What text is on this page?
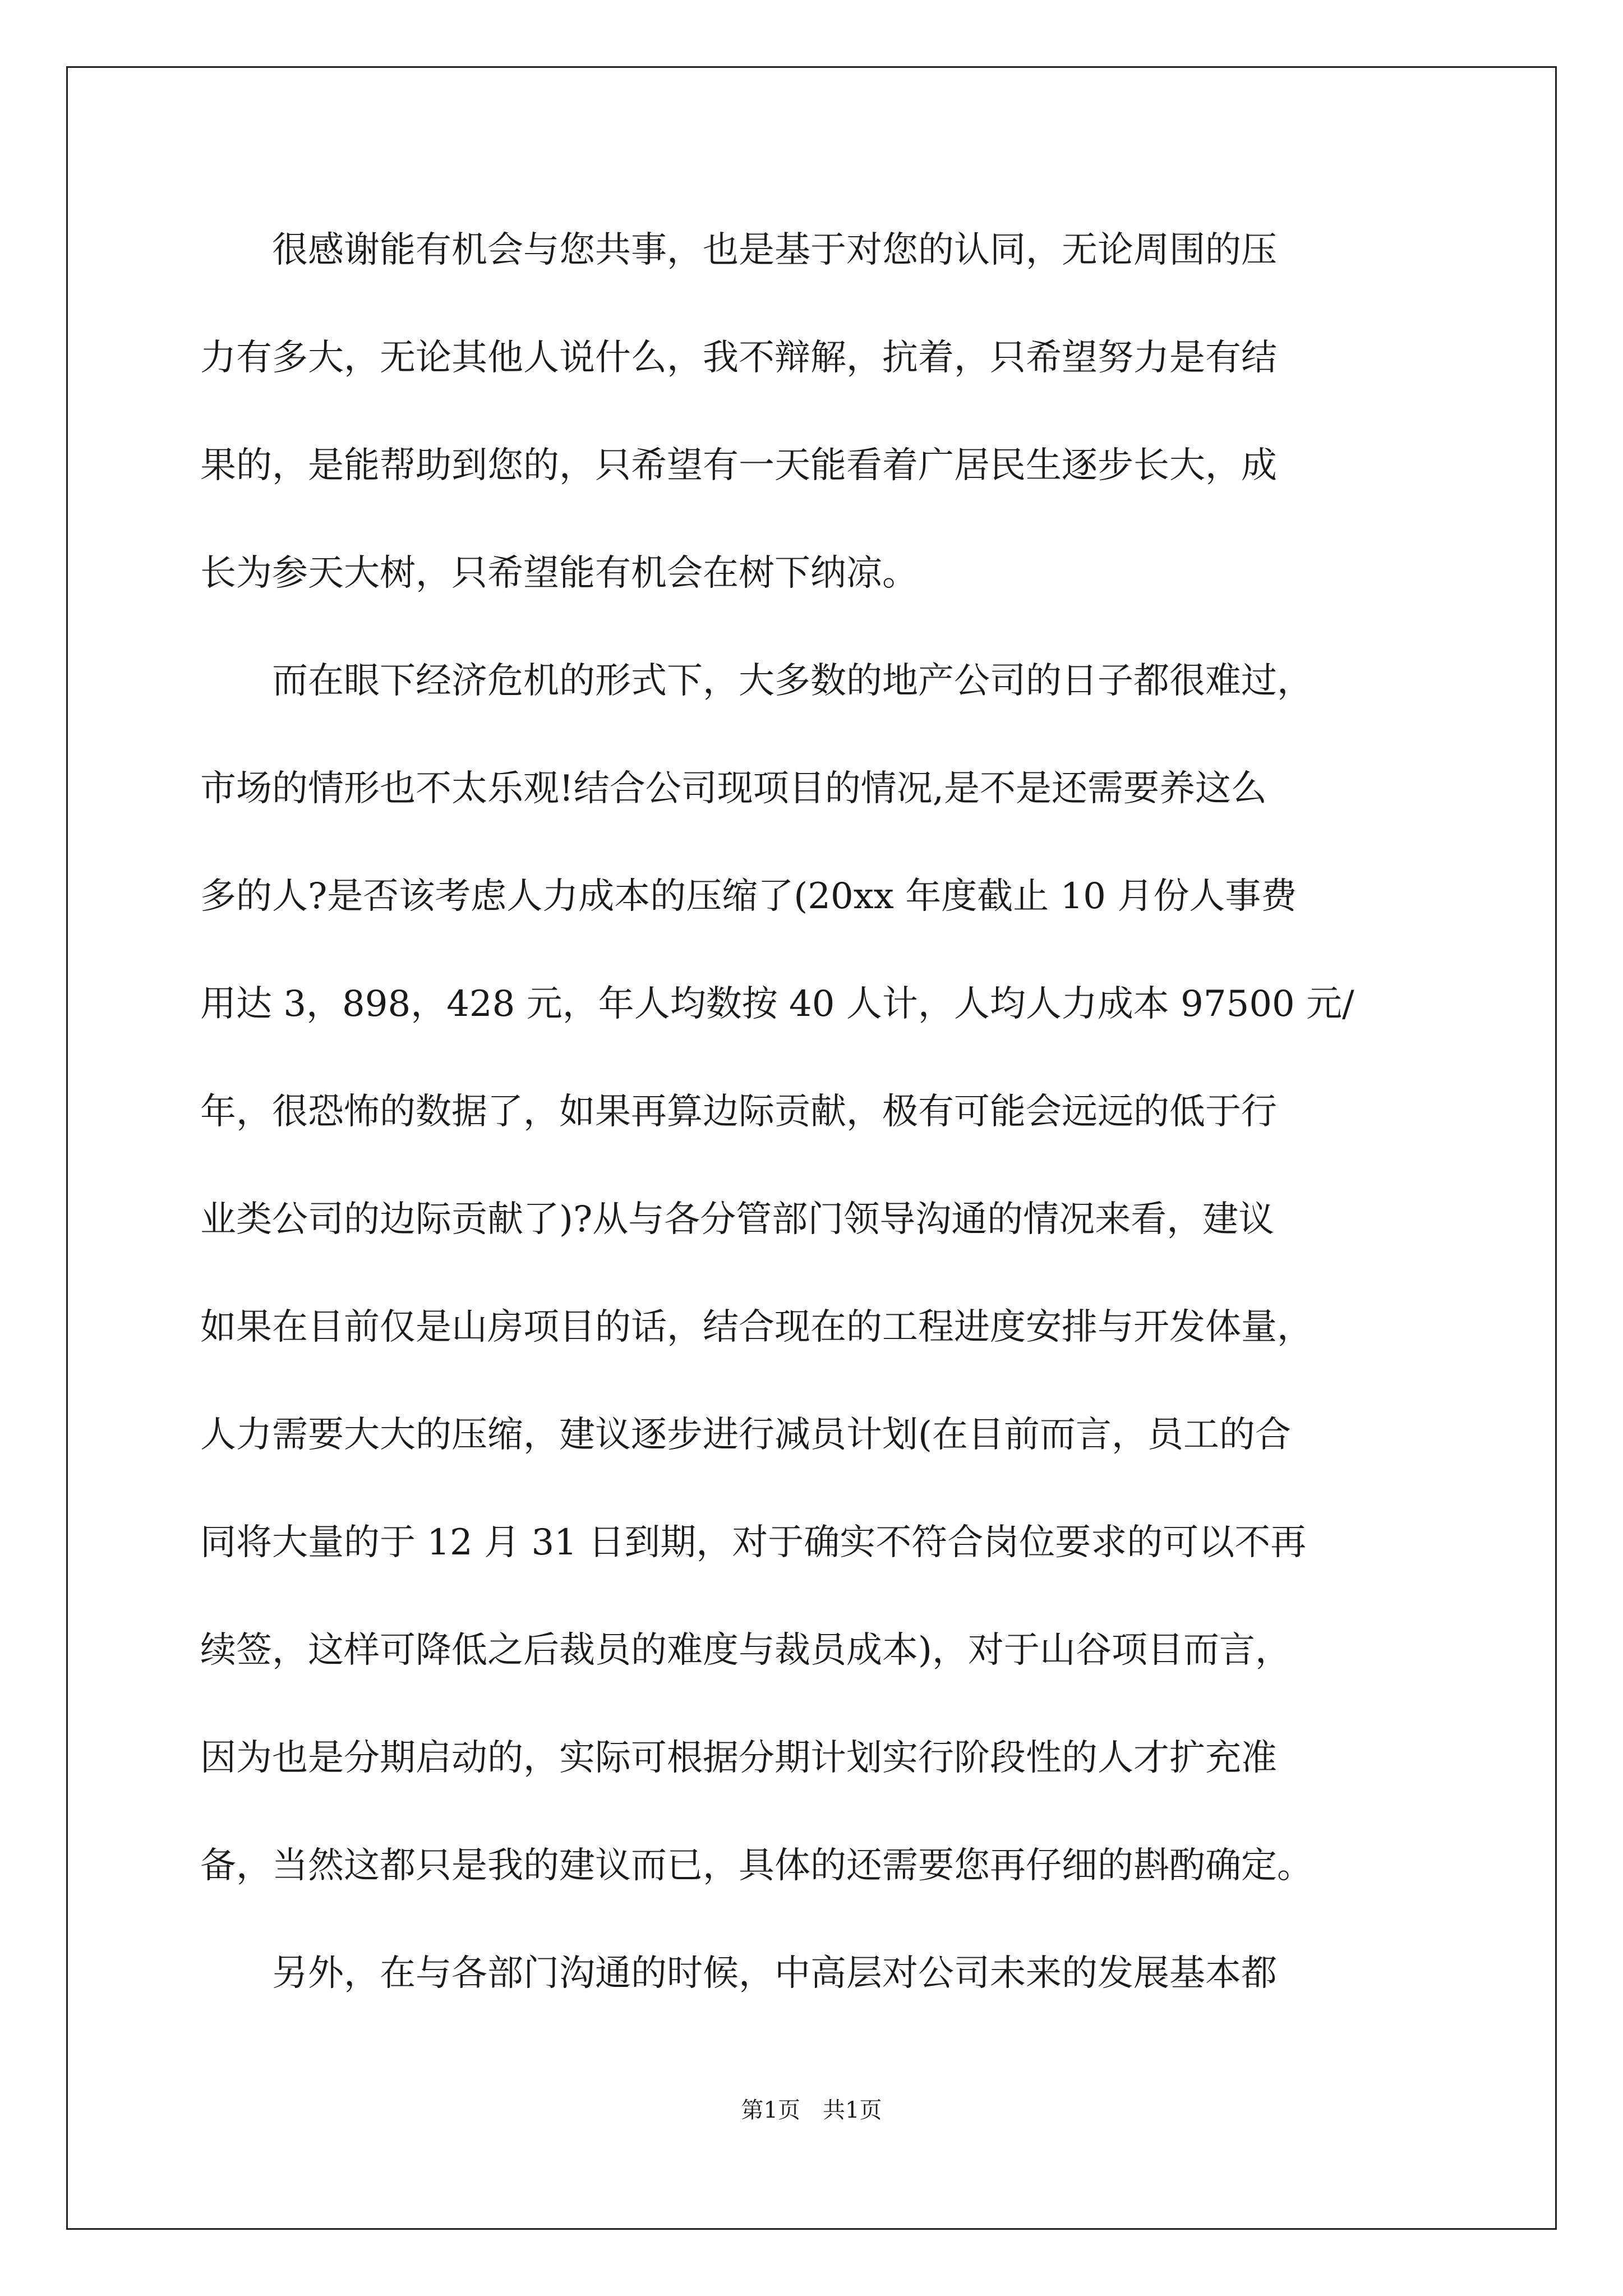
　　很感谢能有机会与您共事，也是基于对您的认同，无论周围的压
力有多大，无论其他人说什么，我不辩解，抗着，只希望努力是有结
果的，是能帮助到您的，只希望有一天能看着广居民生逐步长大，成
长为参天大树，只希望能有机会在树下纳凉。
　　而在眼下经济危机的形式下，大多数的地产公司的日子都很难过，
市场的情形也不太乐观!结合公司现项目的情况,是不是还需要养这么
多的人?是否该考虑人力成本的压缩了(20xx 年度截止 10 月份人事费
用达 3，898，428 元，年人均数按 40 人计，人均人力成本 97500 元/
年，很恐怖的数据了，如果再算边际贡献，极有可能会远远的低于行
业类公司的边际贡献了)?从与各分管部门领导沟通的情况来看，建议
如果在目前仅是山房项目的话，结合现在的工程进度安排与开发体量，
人力需要大大的压缩，建议逐步进行减员计划(在目前而言，员工的合
同将大量的于 12 月 31 日到期，对于确实不符合岗位要求的可以不再
续签，这样可降低之后裁员的难度与裁员成本)，对于山谷项目而言，
因为也是分期启动的，实际可根据分期计划实行阶段性的人才扩充准
备，当然这都只是我的建议而已，具体的还需要您再仔细的斟酌确定。
　　另外，在与各部门沟通的时候，中高层对公司未来的发展基本都
第1页　共1页
